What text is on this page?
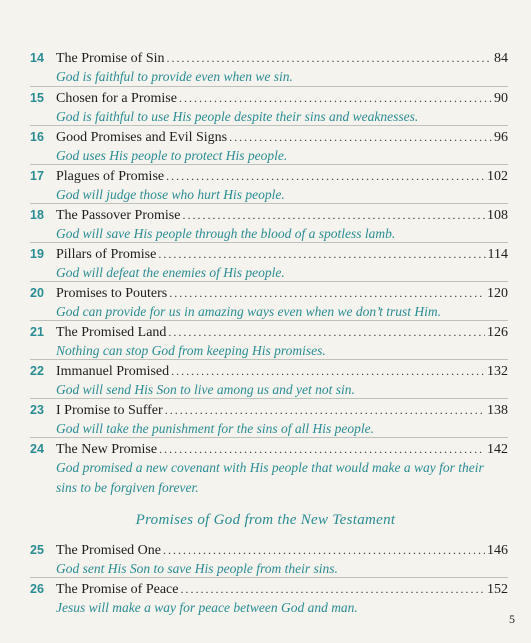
14 The Promise of Sin .....	84
God is faithful to provide even when we sin.
15 Chosen for a Promise .....	90
God is faithful to use His people despite their sins and weaknesses.
16 Good Promises and Evil Signs .....	96
God uses His people to protect His people.
17 Plagues of Promise .....	102
God will judge those who hurt His people.
18 The Passover Promise .....	108
God will save His people through the blood of a spotless lamb.
19 Pillars of Promise .....	114
God will defeat the enemies of His people.
20 Promises to Pouters .....	120
God can provide for us in amazing ways even when we don’t trust Him.
21 The Promised Land .....	126
Nothing can stop God from keeping His promises.
22 Immanuel Promised .....	132
God will send His Son to live among us and yet not sin.
23 I Promise to Suffer .....	138
God will take the punishment for the sins of all His people.
24 The New Promise .....	142
God promised a new covenant with His people that would make a way for their sins to be forgiven forever.
Promises of God from the New Testament
25 The Promised One .....	146
God sent His Son to save His people from their sins.
26 The Promise of Peace .....	152
Jesus will make a way for peace between God and man.
5
